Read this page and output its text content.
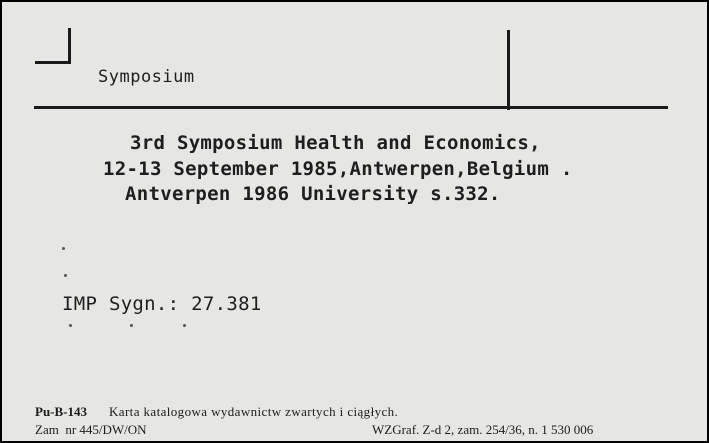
Symposium
3rd Symposium Health and Economics,
12-13 September 1985,Antwerpen,Belgium .
Antverpen 1986 University s.332.
IMP Sygn.: 27.381
Pu-B-143 Karta katalogowa wydawnictw zwartych i ciągłych.
Zam  nr 445/DW/ON	WZGraf. Z-d 2, zam. 254/36, n. 1 530 006
